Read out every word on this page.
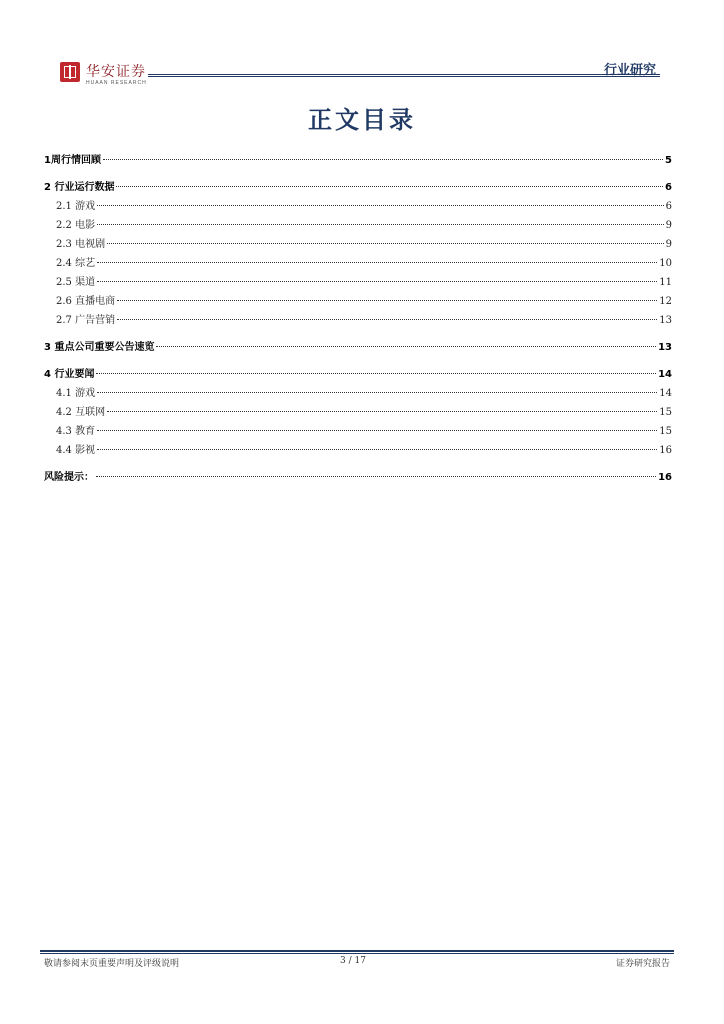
华安证券
HUAAN RESEARCH
行业研究
正文目录
1周行情回顾	5
2 行业运行数据	6
2.1 游戏	6
2.2 电影	9
2.3 电视剧	9
2.4 综艺	10
2.5 渠道	11
2.6 直播电商	12
2.7 广告营销	13
3 重点公司重要公告速览	13
4 行业要闻	14
4.1 游戏	14
4.2 互联网	15
4.3 教育	15
4.4 影视	16
风险提示：	16
敬请参阅末页重要声明及评级说明	3 / 17	证券研究报告
